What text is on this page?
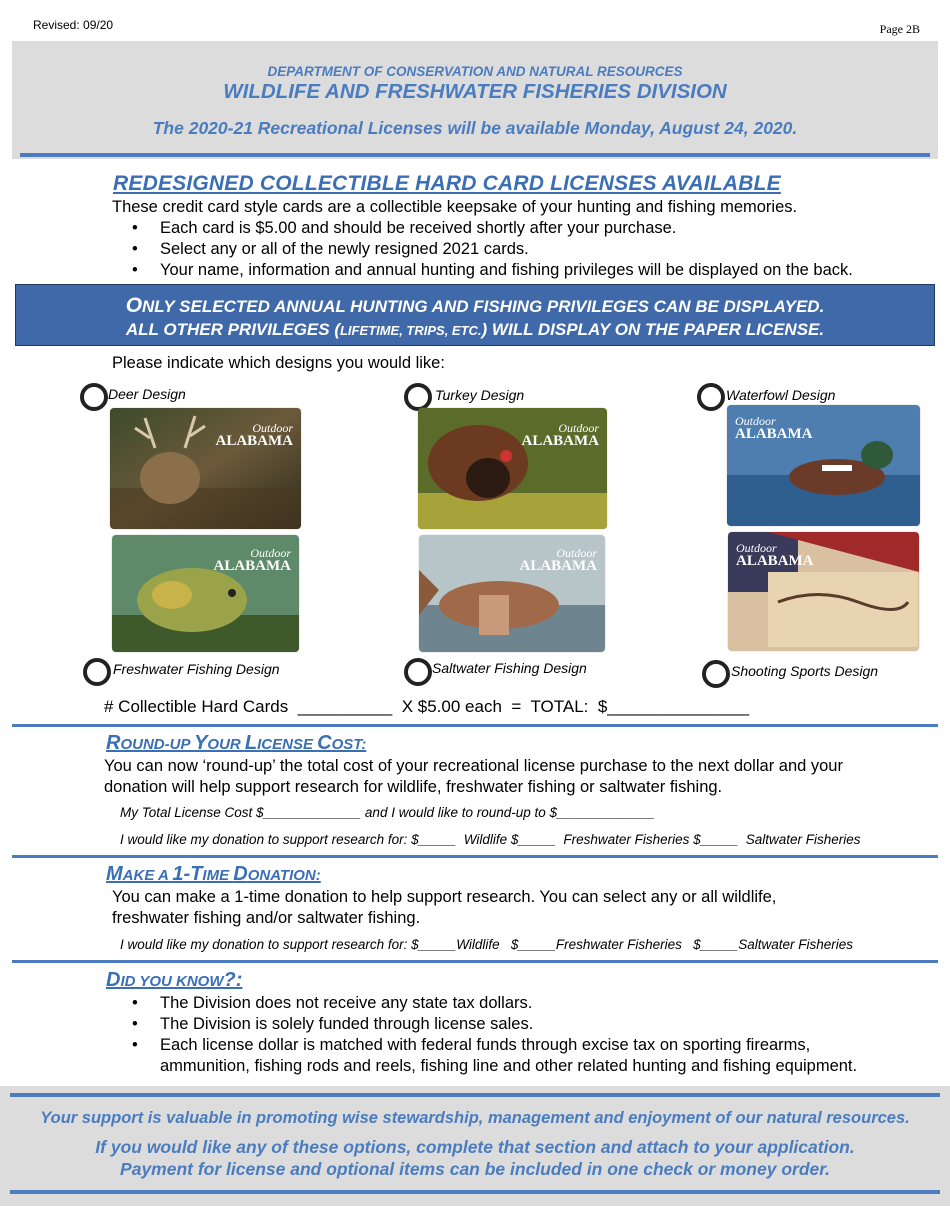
Revised: 09/20	Page 2B
DEPARTMENT OF CONSERVATION AND NATURAL RESOURCES
WILDLIFE AND FRESHWATER FISHERIES DIVISION
The 2020-21 Recreational Licenses will be available Monday, August 24, 2020.
REDESIGNED COLLECTIBLE HARD CARD LICENSES AVAILABLE
These credit card style cards are a collectible keepsake of your hunting and fishing memories.
• Each card is $5.00 and should be received shortly after your purchase.
• Select any or all of the newly resigned 2021 cards.
• Your name, information and annual hunting and fishing privileges will be displayed on the back.
ONLY SELECTED ANNUAL HUNTING AND FISHING PRIVILEGES CAN BE DISPLAYED.
ALL OTHER PRIVILEGES (LIFETIME, TRIPS, ETC.) WILL DISPLAY ON THE PAPER LICENSE.
Please indicate which designs you would like:
Deer Design	Turkey Design	Waterfowl Design
Outdoor
ALABAMA
Outdoor
ALABAMA
Outdoor
ALABAMA
Outdoor
ALABAMA
Outdoor
ALABAMA
Outdoor
ALABAMA
Freshwater Fishing Design	Saltwater Fishing Design	Shooting Sports Design
# Collectible Hard Cards __________ X $5.00 each = TOTAL: $_______________
ROUND-UP YOUR LICENSE COST:
You can now ‘round-up’ the total cost of your recreational license purchase to the next dollar and your donation will help support research for wildlife, freshwater fishing or saltwater fishing.
My Total License Cost $_____________ and I would like to round-up to $_____________
I would like my donation to support research for: $_____  Wildlife $_____  Freshwater Fisheries $_____  Saltwater Fisheries
MAKE A 1-TIME DONATION:
You can make a 1-time donation to help support research. You can select any or all wildlife, freshwater fishing and/or saltwater fishing.
I would like my donation to support research for: $_____Wildlife   $_____Freshwater Fisheries   $_____Saltwater Fisheries
DID YOU KNOW?:
• The Division does not receive any state tax dollars.
• The Division is solely funded through license sales.
• Each license dollar is matched with federal funds through excise tax on sporting firearms, ammunition, fishing rods and reels, fishing line and other related hunting and fishing equipment.
Your support is valuable in promoting wise stewardship, management and enjoyment of our natural resources.
If you would like any of these options, complete that section and attach to your application.
Payment for license and optional items can be included in one check or money order.
